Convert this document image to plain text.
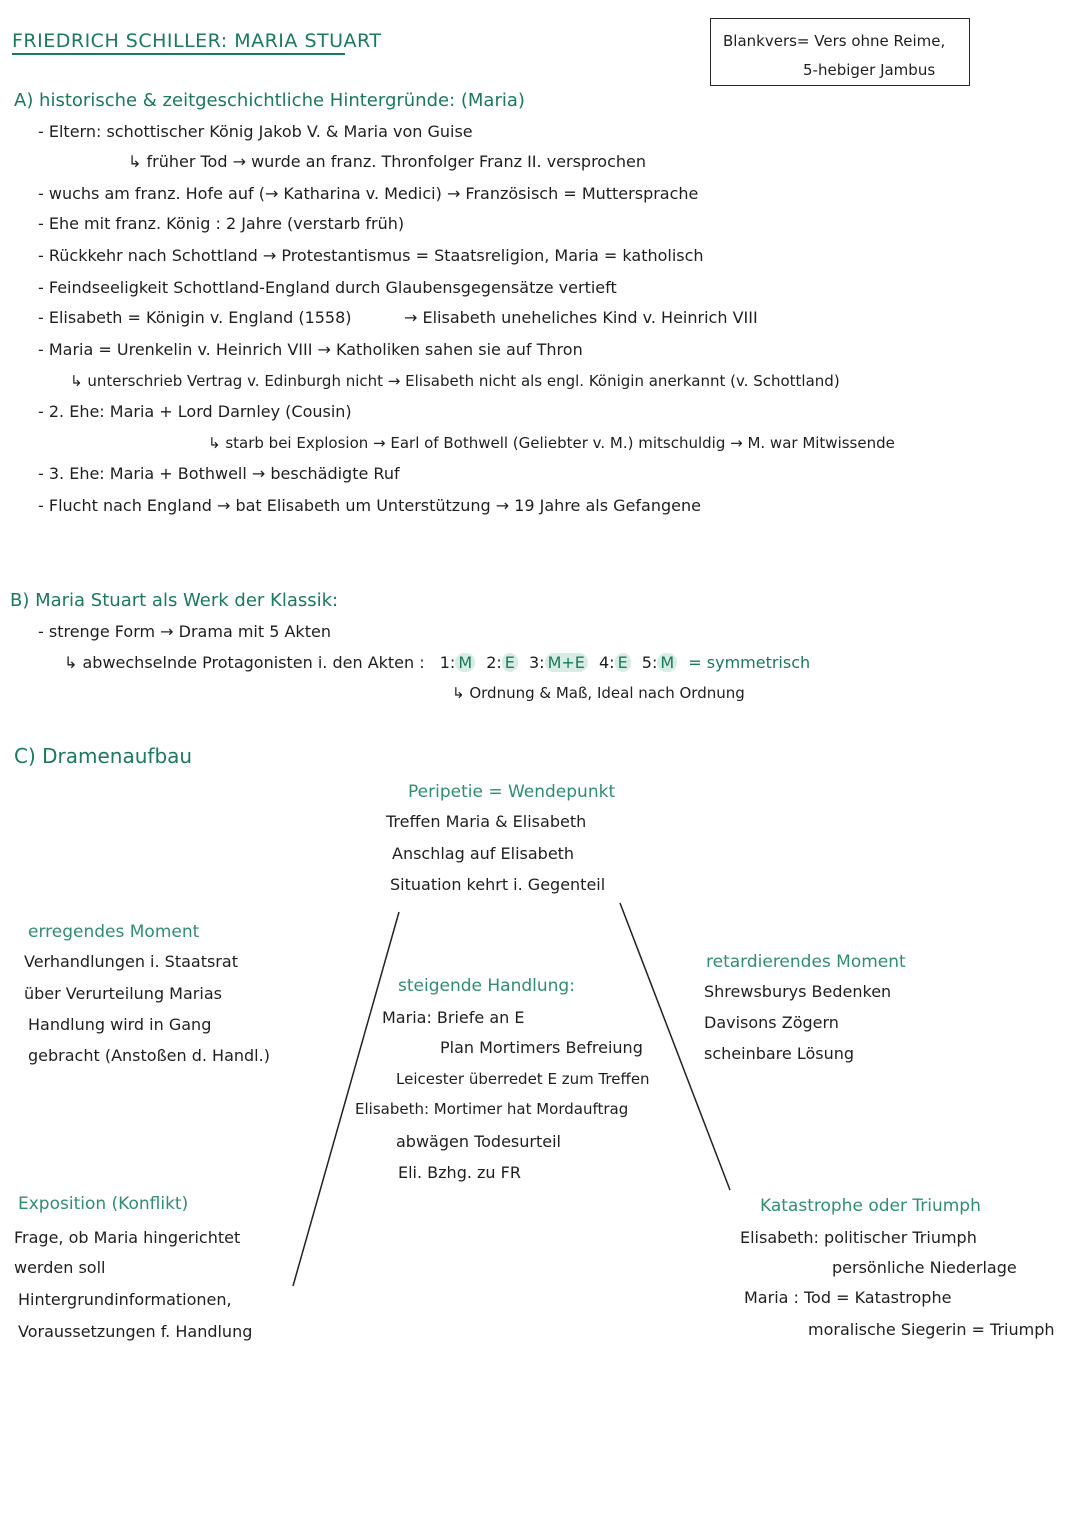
FRIEDRICH SCHILLER: MARIA STUART	Blankvers= Vers ohne Reime,
5-hebiger Jambus
A) historische & zeitgeschichtliche Hintergründe: (Maria)
- Eltern: schottischer König Jakob V. & Maria von Guise
↳ früher Tod → wurde an franz. Thronfolger Franz II. versprochen
- wuchs am franz. Hofe auf (→ Katharina v. Medici) → Französisch = Muttersprache
- Ehe mit franz. König : 2 Jahre (verstarb früh)
- Rückkehr nach Schottland → Protestantismus = Staatsreligion, Maria = katholisch
- Feindseeligkeit Schottland-England durch Glaubensgegensätze vertieft
- Elisabeth = Königin v. England (1558)	→ Elisabeth uneheliches Kind v. Heinrich VIII
- Maria = Urenkelin v. Heinrich VIII → Katholiken sahen sie auf Thron
↳ unterschrieb Vertrag v. Edinburgh nicht → Elisabeth nicht als engl. Königin anerkannt (v. Schottland)
- 2. Ehe: Maria + Lord Darnley (Cousin)
↳ starb bei Explosion → Earl of Bothwell (Geliebter v. M.) mitschuldig → M. war Mitwissende
- 3. Ehe: Maria + Bothwell → beschädigte Ruf
- Flucht nach England → bat Elisabeth um Unterstützung → 19 Jahre als Gefangene
B) Maria Stuart als Werk der Klassik:
- strenge Form → Drama mit 5 Akten
↳ abwechselnde Protagonisten i. den Akten : 1: M 2: E 3: M+E 4: E 5: M = symmetrisch
↳ Ordnung & Maß, Ideal nach Ordnung
C) Dramenaufbau
Peripetie = Wendepunkt
Treffen Maria & Elisabeth
Anschlag auf Elisabeth
Situation kehrt i. Gegenteil
erregendes Moment
Verhandlungen i. Staatsrat
über Verurteilung Marias
Handlung wird in Gang
gebracht (Anstoßen d. Handl.)
steigende Handlung:
Maria: Briefe an E
Plan Mortimers Befreiung
Leicester überredet E zum Treffen
Elisabeth: Mortimer hat Mordauftrag
abwägen Todesurteil
Eli. Bzhg. zu FR
retardierendes Moment
Shrewsburys Bedenken
Davisons Zögern
scheinbare Lösung
Exposition (Konflikt)
Frage, ob Maria hingerichtet
werden soll
Hintergrundinformationen,
Voraussetzungen f. Handlung
Katastrophe oder Triumph
Elisabeth: politischer Triumph
persönliche Niederlage
Maria : Tod = Katastrophe
moralische Siegerin = Triumph
